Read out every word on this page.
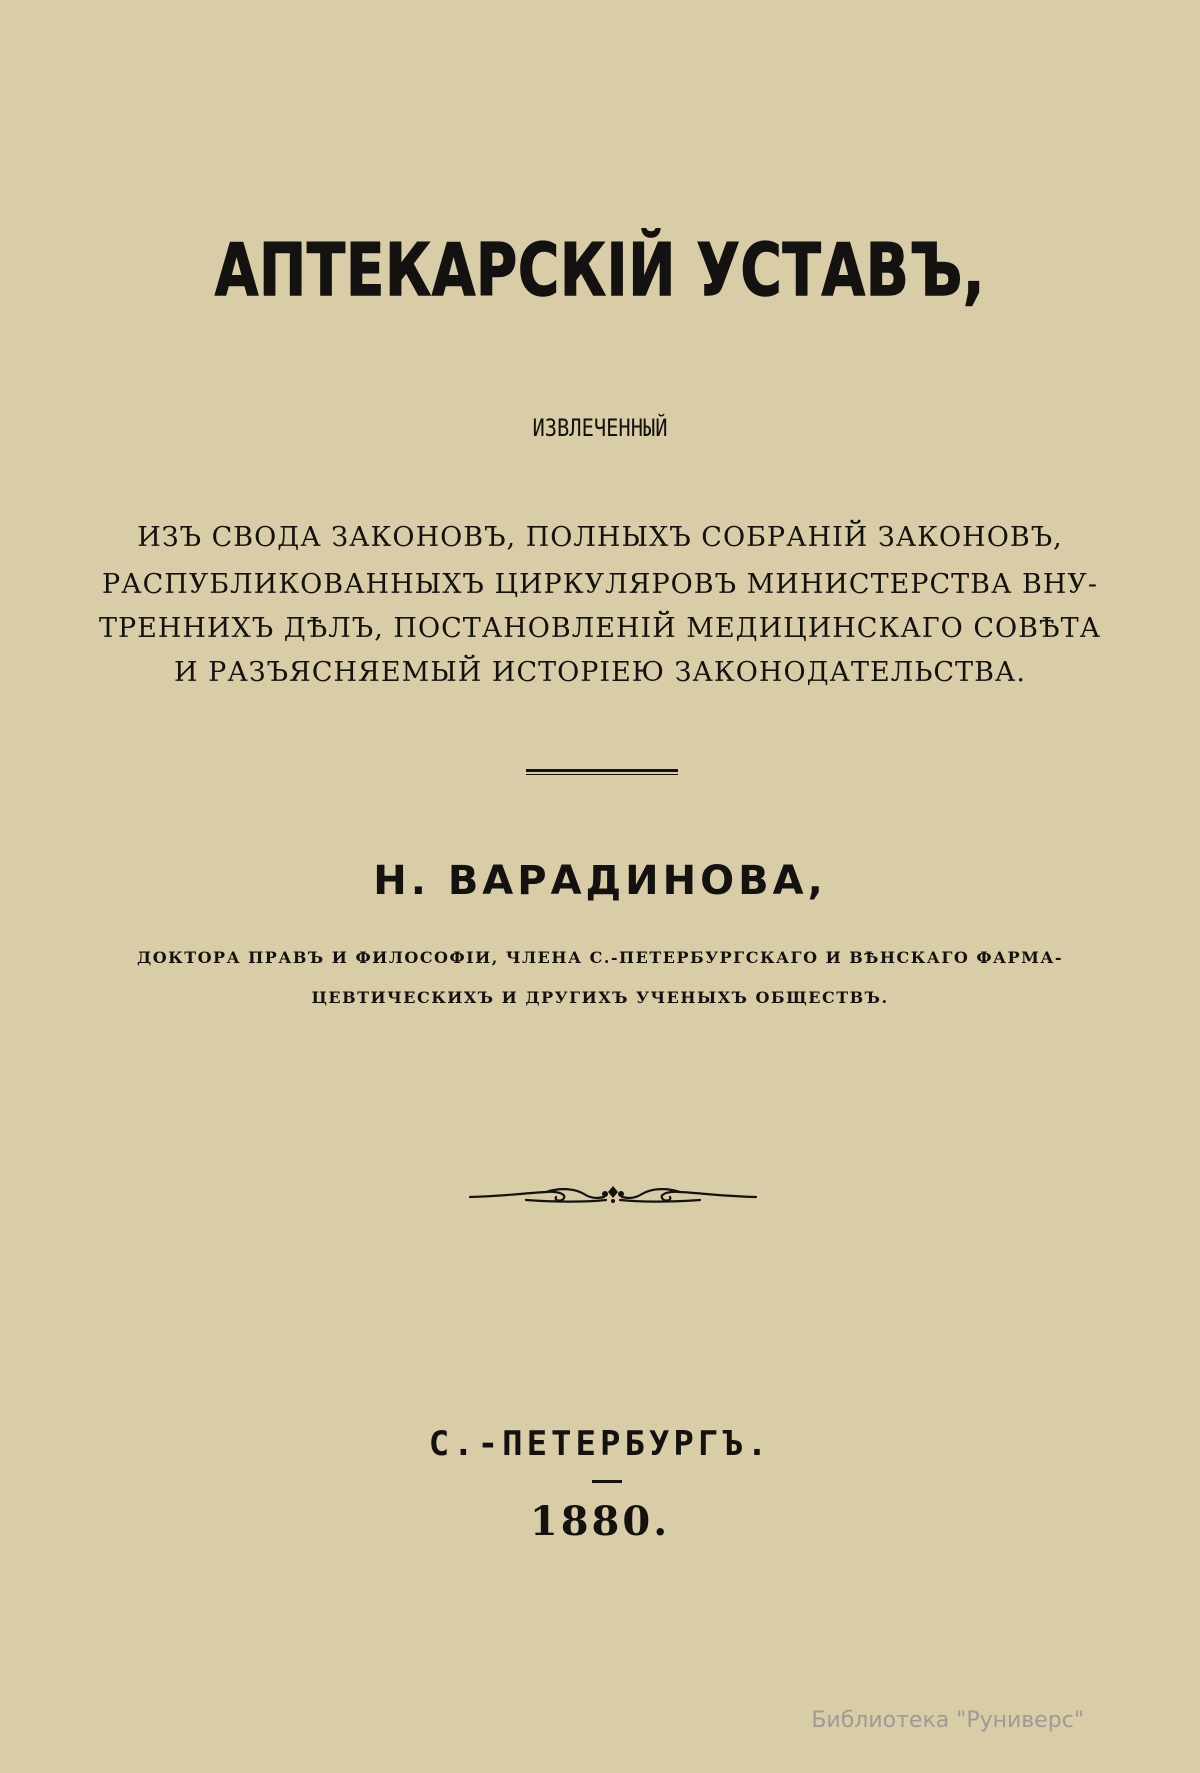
АПТЕКАРСКІЙ УСТАВЪ,
ИЗВЛЕЧЕННЫЙ
ИЗЪ СВОДА ЗАКОНОВЪ, ПОЛНЫХЪ СОБРАНІЙ ЗАКОНОВЪ,
РАСПУБЛИКОВАННЫХЪ ЦИРКУЛЯРОВЪ МИНИСТЕРСТВА ВНУ-
ТРЕННИХЪ ДѢЛЪ, ПОСТАНОВЛЕНІЙ МЕДИЦИНСКАГО СОВѢТА
И РАЗЪЯСНЯЕМЫЙ ИСТОРІЕЮ ЗАКОНОДАТЕЛЬСТВА.
Н. ВАРАДИНОВА,
ДОКТОРА ПРАВЪ И ФИЛОСОФІИ, ЧЛЕНА С.-ПЕТЕРБУРГСКАГО И ВѢНСКАГО ФАРМА-
ЦЕВТИЧЕСКИХЪ И ДРУГИХЪ УЧЕНЫХЪ ОБЩЕСТВЪ.
С.-ПЕТЕРБУРГЪ.
1880.
Библиотека "Руниверс"
